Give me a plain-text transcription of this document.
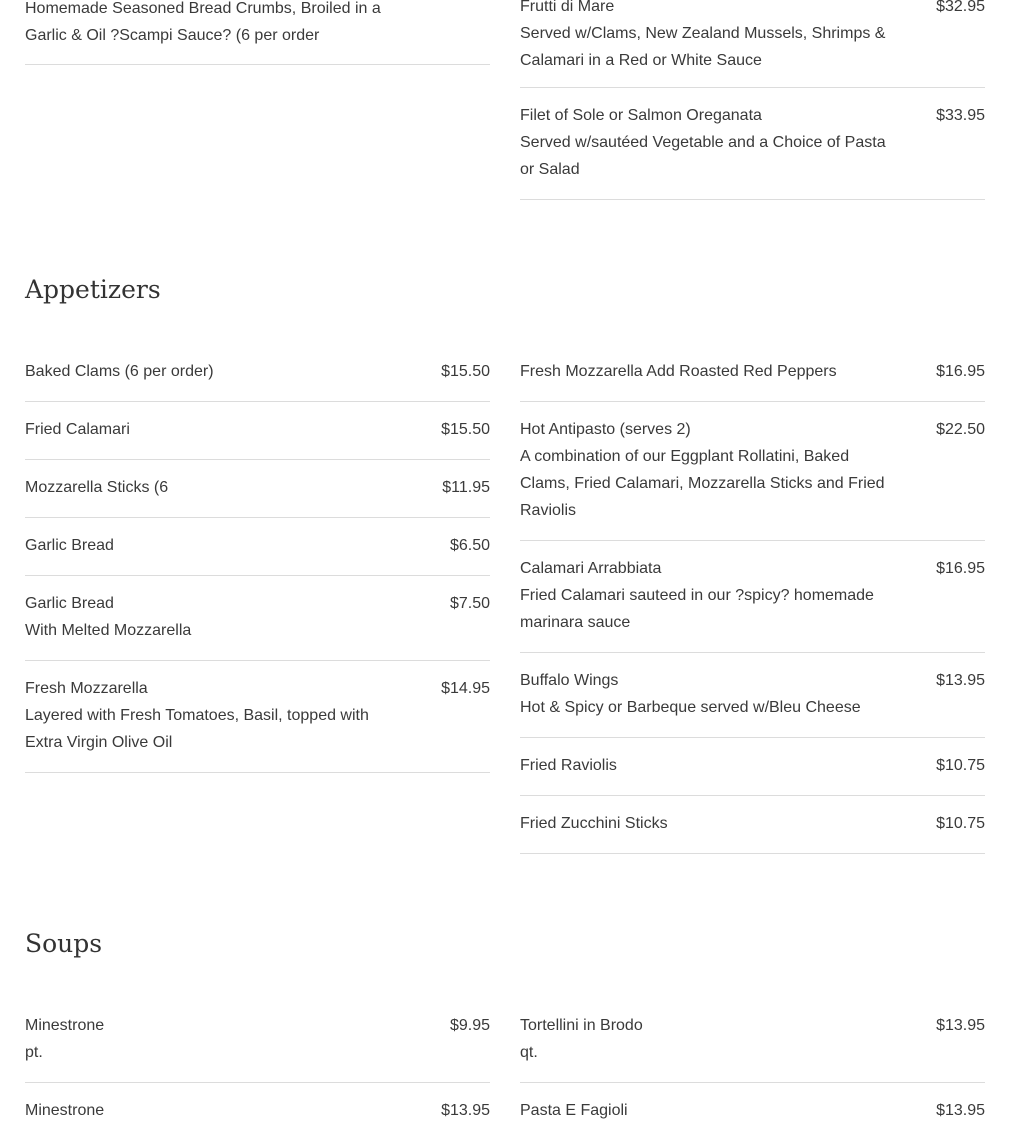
Homemade Seasoned Bread Crumbs, Broiled in a Garlic & Oil ?Scampi Sauce? (6 per order
Frutti di Mare	$32.95
Served w/Clams, New Zealand Mussels, Shrimps & Calamari in a Red or White Sauce
Filet of Sole or Salmon Oreganata	$33.95
Served w/sautéed Vegetable and a Choice of Pasta or Salad
Appetizers
Baked Clams (6 per order)	$15.50
Fried Calamari	$15.50
Mozzarella Sticks (6	$11.95
Garlic Bread	$6.50
Garlic Bread	$7.50
With Melted Mozzarella
Fresh Mozzarella	$14.95
Layered with Fresh Tomatoes, Basil, topped with Extra Virgin Olive Oil
Fresh Mozzarella Add Roasted Red Peppers	$16.95
Hot Antipasto (serves 2)	$22.50
A combination of our Eggplant Rollatini, Baked Clams, Fried Calamari, Mozzarella Sticks and Fried Raviolis
Calamari Arrabbiata	$16.95
Fried Calamari sauteed in our ?spicy? homemade marinara sauce
Buffalo Wings	$13.95
Hot & Spicy or Barbeque served w/Bleu Cheese
Fried Raviolis	$10.75
Fried Zucchini Sticks	$10.75
Soups
Minestrone	$9.95
pt.
Minestrone	$13.95
Tortellini in Brodo	$13.95
qt.
Pasta E Fagioli	$13.95
